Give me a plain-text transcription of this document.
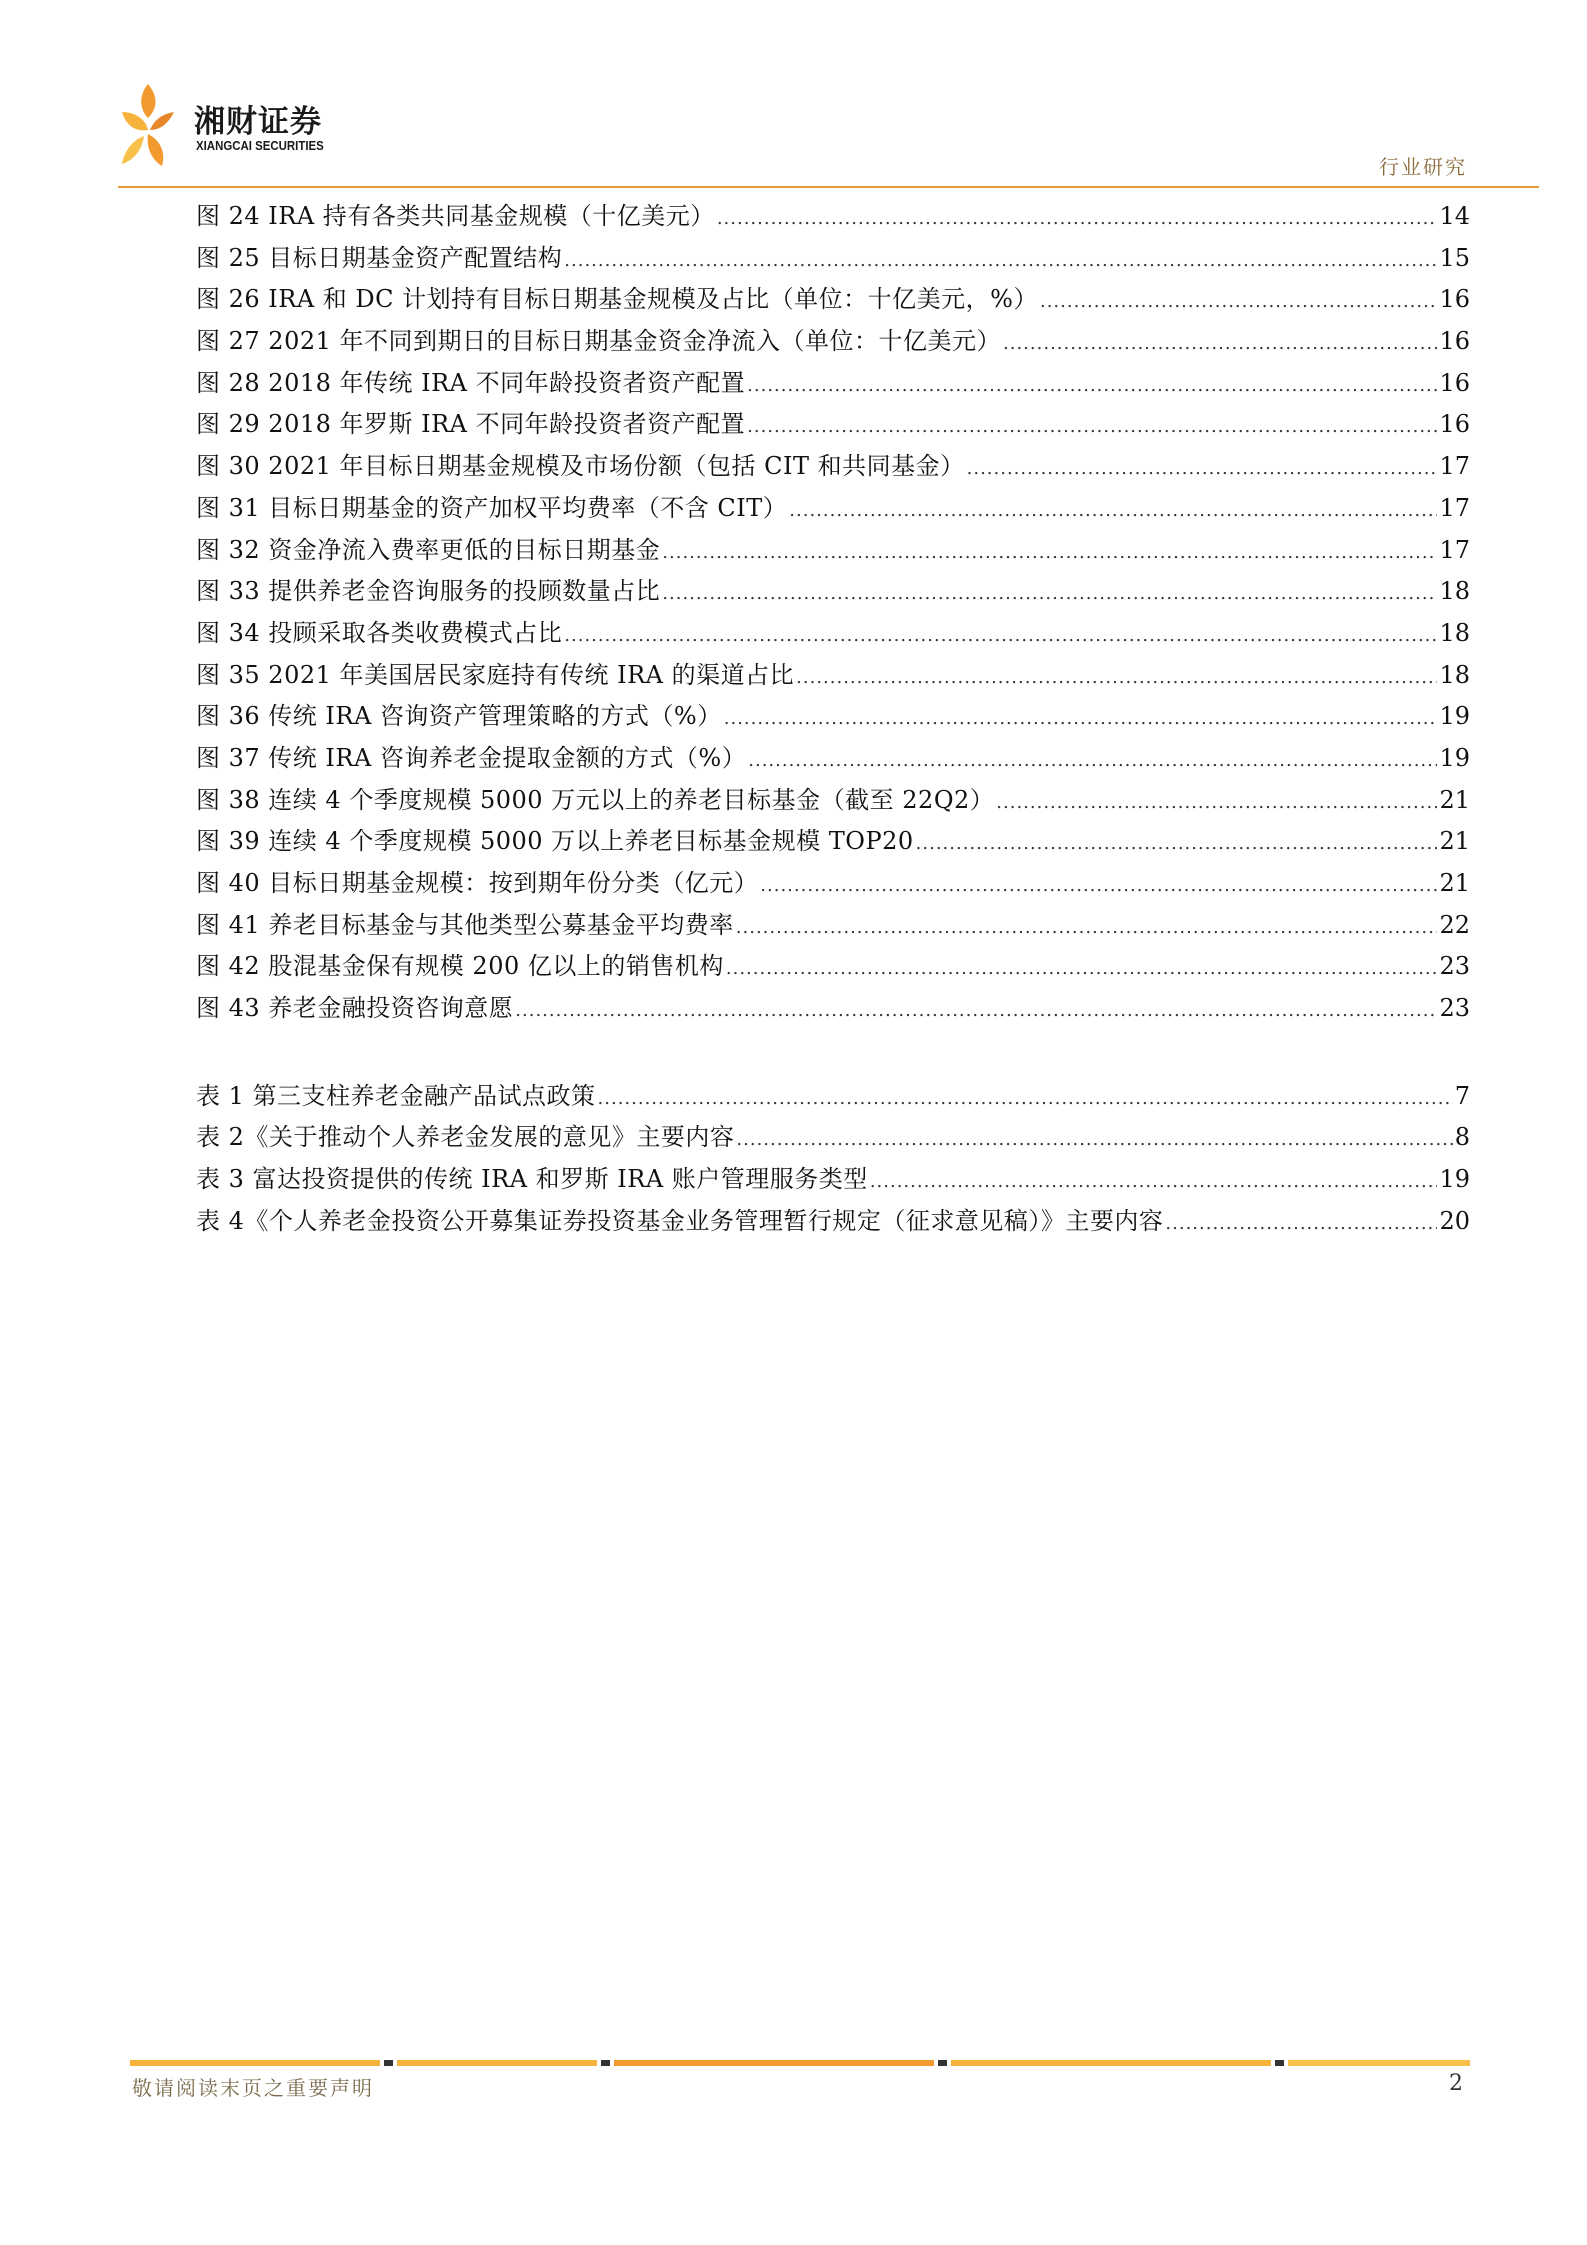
湘财证券
XIANGCAI SECURITIES
行业研究
图 24 IRA 持有各类共同基金规模（十亿美元） .....	14
图 25 目标日期基金资产配置结构 .....	15
图 26 IRA 和 DC 计划持有目标日期基金规模及占比（单位：十亿美元，%） .....	16
图 27 2021 年不同到期日的目标日期基金资金净流入（单位：十亿美元） .....	16
图 28 2018 年传统 IRA 不同年龄投资者资产配置 .....	16
图 29 2018 年罗斯 IRA 不同年龄投资者资产配置 .....	16
图 30 2021 年目标日期基金规模及市场份额（包括 CIT 和共同基金） .....	17
图 31 目标日期基金的资产加权平均费率（不含 CIT） .....	17
图 32 资金净流入费率更低的目标日期基金 .....	17
图 33 提供养老金咨询服务的投顾数量占比 .....	18
图 34 投顾采取各类收费模式占比 .....	18
图 35 2021 年美国居民家庭持有传统 IRA 的渠道占比 .....	18
图 36 传统 IRA 咨询资产管理策略的方式（%） .....	19
图 37 传统 IRA 咨询养老金提取金额的方式（%） .....	19
图 38 连续 4 个季度规模 5000 万元以上的养老目标基金（截至 22Q2） .....	21
图 39 连续 4 个季度规模 5000 万以上养老目标基金规模 TOP20 .....	21
图 40 目标日期基金规模：按到期年份分类（亿元） .....	21
图 41 养老目标基金与其他类型公募基金平均费率 .....	22
图 42 股混基金保有规模 200 亿以上的销售机构 .....	23
图 43 养老金融投资咨询意愿 .....	23
表 1 第三支柱养老金融产品试点政策 .....	7
表 2《关于推动个人养老金发展的意见》主要内容 .....	8
表 3 富达投资提供的传统 IRA 和罗斯 IRA 账户管理服务类型 .....	19
表 4《个人养老金投资公开募集证券投资基金业务管理暂行规定（征求意见稿）》主要内容 .....	20
敬请阅读末页之重要声明	2
